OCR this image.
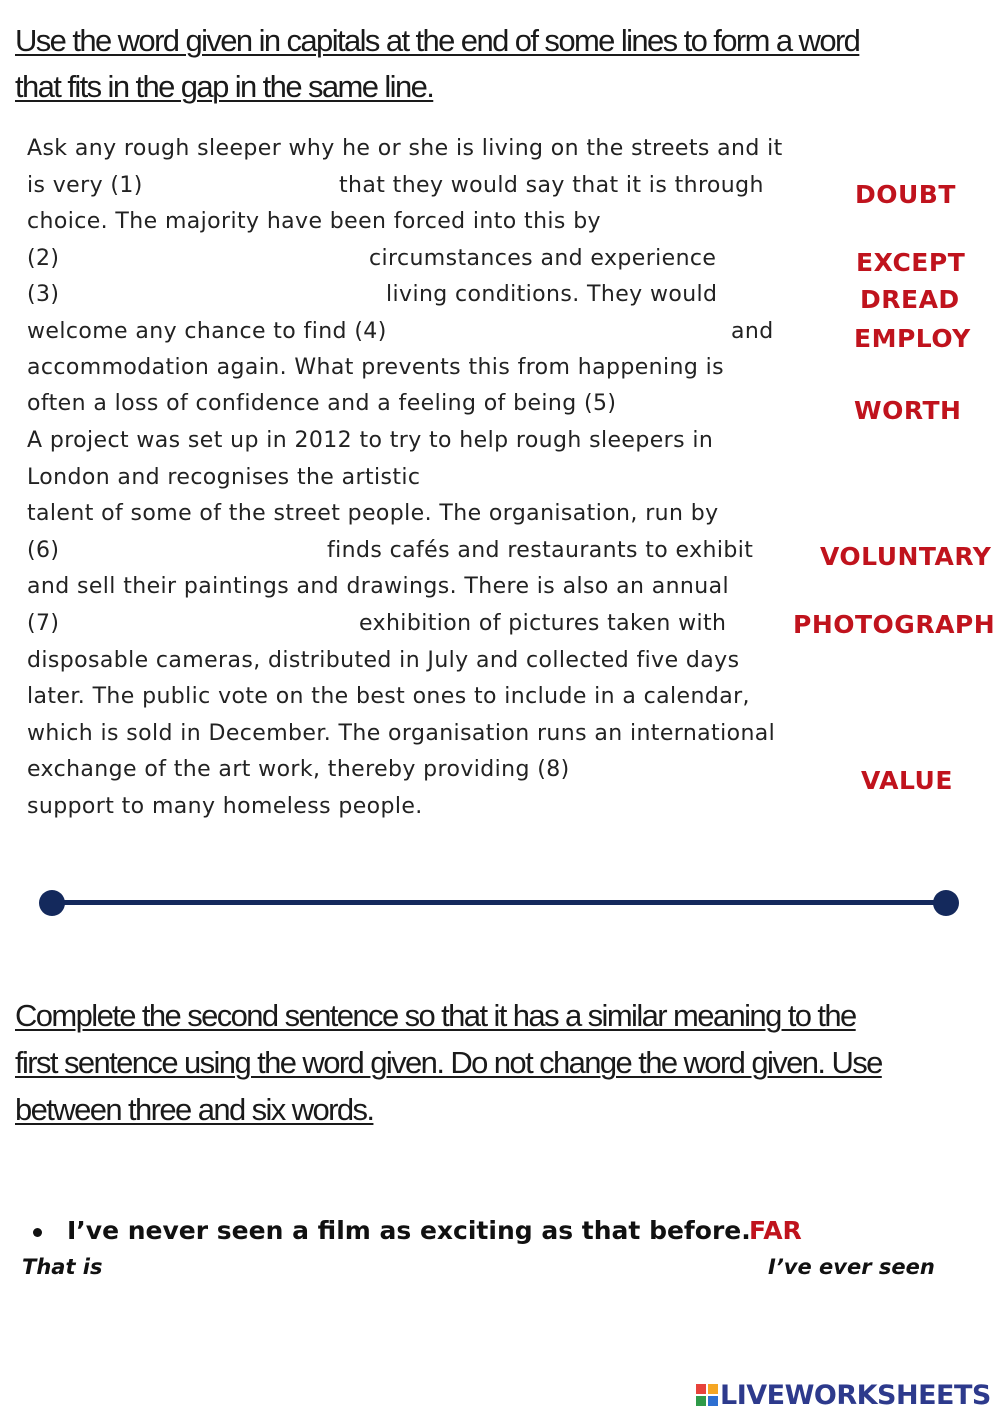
Use the word given in capitals at the end of some lines to form a word
that fits in the gap in the same line.
Ask any rough sleeper why he or she is living on the streets and it
is very (1)	that they would say that it is through
choice. The majority have been forced into this by
(2)	circumstances and experience
(3)	living conditions. They would
welcome any chance to find (4)	and
accommodation again. What prevents this from happening is
often a loss of confidence and a feeling of being (5)
A project was set up in 2012 to try to help rough sleepers in
London and recognises the artistic
talent of some of the street people. The organisation, run by
(6)	finds cafés and restaurants to exhibit
and sell their paintings and drawings. There is also an annual
(7)	exhibition of pictures taken with
disposable cameras, distributed in July and collected five days
later. The public vote on the best ones to include in a calendar,
which is sold in December. The organisation runs an international
exchange of the art work, thereby providing (8)
support to many homeless people.
DOUBT
EXCEPT
DREAD
EMPLOY
WORTH
VOLUNTARY
PHOTOGRAPH
VALUE
Complete the second sentence so that it has a similar meaning to the
first sentence using the word given. Do not change the word given. Use
between three and six words.
I’ve never seen a film as exciting as that before.
FAR
That is	I’ve ever seen
LIVEWORKSHEETS
